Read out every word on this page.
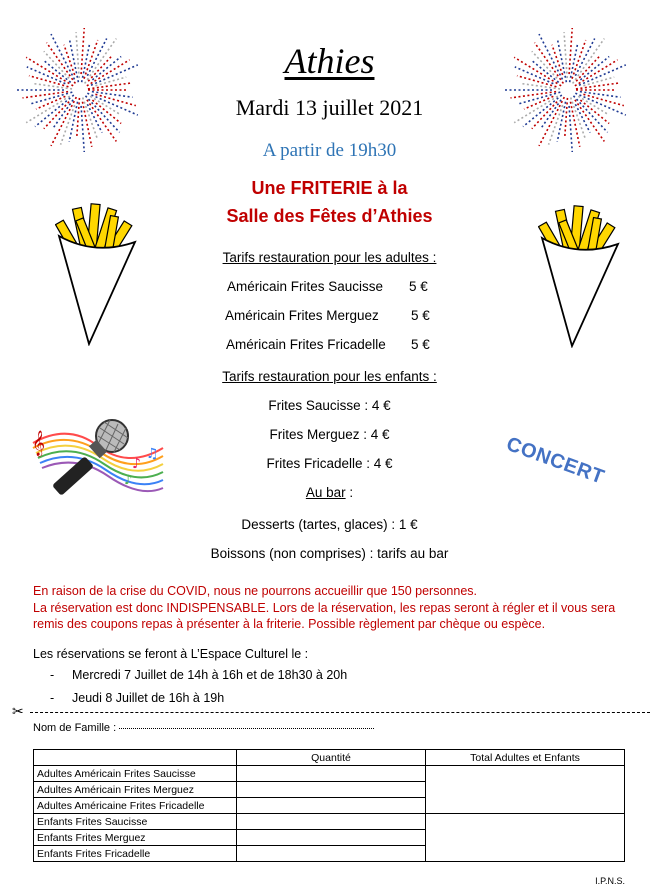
Athies
Mardi 13 juillet 2021
A partir de 19h30
Une FRITERIE à la
Salle des Fêtes d’Athies
Tarifs restauration pour les adultes :
Américain Frites Saucisse 5 €
Américain Frites Merguez 5 €
Américain Frites Fricadelle 5 €
Tarifs restauration pour les enfants :
Frites Saucisse : 4 €
Frites Merguez : 4 €
Frites Fricadelle : 4 €
Au bar :
Desserts (tartes, glaces) : 1 €
Boissons (non comprises) : tarifs au bar
𝄞
♪
♫
♪	CONCERT
En raison de la crise du COVID, nous ne pourrons accueillir que 150 personnes.
La réservation est donc INDISPENSABLE. Lors de la réservation, les repas seront à régler et il vous sera
remis des coupons repas à présenter à la friterie. Possible règlement par chèque ou espèce.
Les réservations se feront à L’Espace Culturel le :
- Mercredi 7 Juillet de 14h à 16h et de 18h30 à 20h
- Jeudi 8 Juillet de 16h à 19h
✂
Nom de Famille :
	Quantité	Total Adultes et Enfants
Adultes Américain Frites Saucisse		
Adultes Américain Frites Merguez		
Adultes Américaine Frites Fricadelle		
Enfants Frites Saucisse		
Enfants Frites Merguez		
Enfants Frites Fricadelle		
I.P.N.S.
